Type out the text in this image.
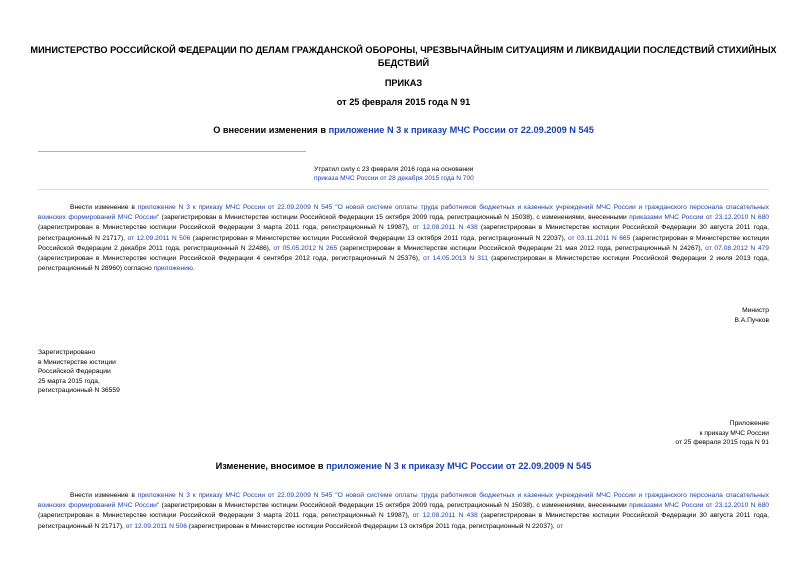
МИНИСТЕРСТВО РОССИЙСКОЙ ФЕДЕРАЦИИ ПО ДЕЛАМ ГРАЖДАНСКОЙ ОБОРОНЫ, ЧРЕЗВЫЧАЙНЫМ СИТУАЦИЯМ И ЛИКВИДАЦИИ ПОСЛЕДСТВИЙ СТИХИЙНЫХ БЕДСТВИЙ
ПРИКАЗ
от 25 февраля 2015 года N 91
О внесении изменения в приложение N 3 к приказу МЧС России от 22.09.2009 N 545
Утратил силу с 23 февраля 2016 года на основании
приказа МЧС России от 28 декабря 2015 года N 700
Внести изменение в приложение N 3 к приказу МЧС России от 22.09.2009 N 545 "О новой системе оплаты труда работников бюджетных и казенных учреждений МЧС России и гражданского персонала спасательных воинских формирований МЧС России" (зарегистрирован в Министерстве юстиции Российской Федерации 15 октября 2009 года, регистрационный N 15038), с изменениями, внесенными приказами МЧС России от 23.12.2010 N 680 (зарегистрирован в Министерстве юстиции Российской Федерации 3 марта 2011 года, регистрационный N 19987), от 12.08.2011 N 438 (зарегистрирован в Министерстве юстиции Российской Федерации 30 августа 2011 года, регистрационный N 21717), от 12.09.2011 N 506 (зарегистрирован в Министерстве юстиции Российской Федерации 13 октября 2011 года, регистрационный N 22037), от 03.11.2011 N 665 (зарегистрирован в Министерстве юстиции Российской Федерации 2 декабря 2011 года, регистрационный N 22486), от 05.05.2012 N 265 (зарегистрирован в Министерстве юстиции Российской Федерации 21 мая 2012 года, регистрационный N 24267), от 07.08.2012 N 479 (зарегистрирован в Министерстве юстиции Российской Федерации 4 сентября 2012 года, регистрационный N 25376), от 14.05.2013 N 311 (зарегистрирован в Министерстве юстиции Российской Федерации 2 июля 2013 года, регистрационный N 28960) согласно приложению.
Министр
В.А.Пучков
Зарегистрировано
в Министерстве юстиции
Российской Федерации
25 марта 2015 года,
регистрационный N 36559
Приложение
к приказу МЧС России
от 25 февраля 2015 года N 91
Изменение, вносимое в приложение N 3 к приказу МЧС России от 22.09.2009 N 545
Внести изменение в приложение N 3 к приказу МЧС России от 22.09.2009 N 545 "О новой системе оплаты труда работников бюджетных и казенных учреждений МЧС России и гражданского персонала спасательных воинских формирований МЧС России" (зарегистрирован в Министерстве юстиции Российской Федерации 15 октября 2009 года, регистрационный N 15038), с изменениями, внесенными приказами МЧС России от 23.12.2010 N 680 (зарегистрирован в Министерстве юстиции Российской Федерации 3 марта 2011 года, регистрационный N 19987), от 12.08.2011 N 438 (зарегистрирован в Министерстве юстиции Российской Федерации 30 августа 2011 года, регистрационный N 21717), от 12.09.2011 N 506 (зарегистрирован в Министерстве юстиции Российской Федерации 13 октября 2011 года, регистрационный N 22037), от
